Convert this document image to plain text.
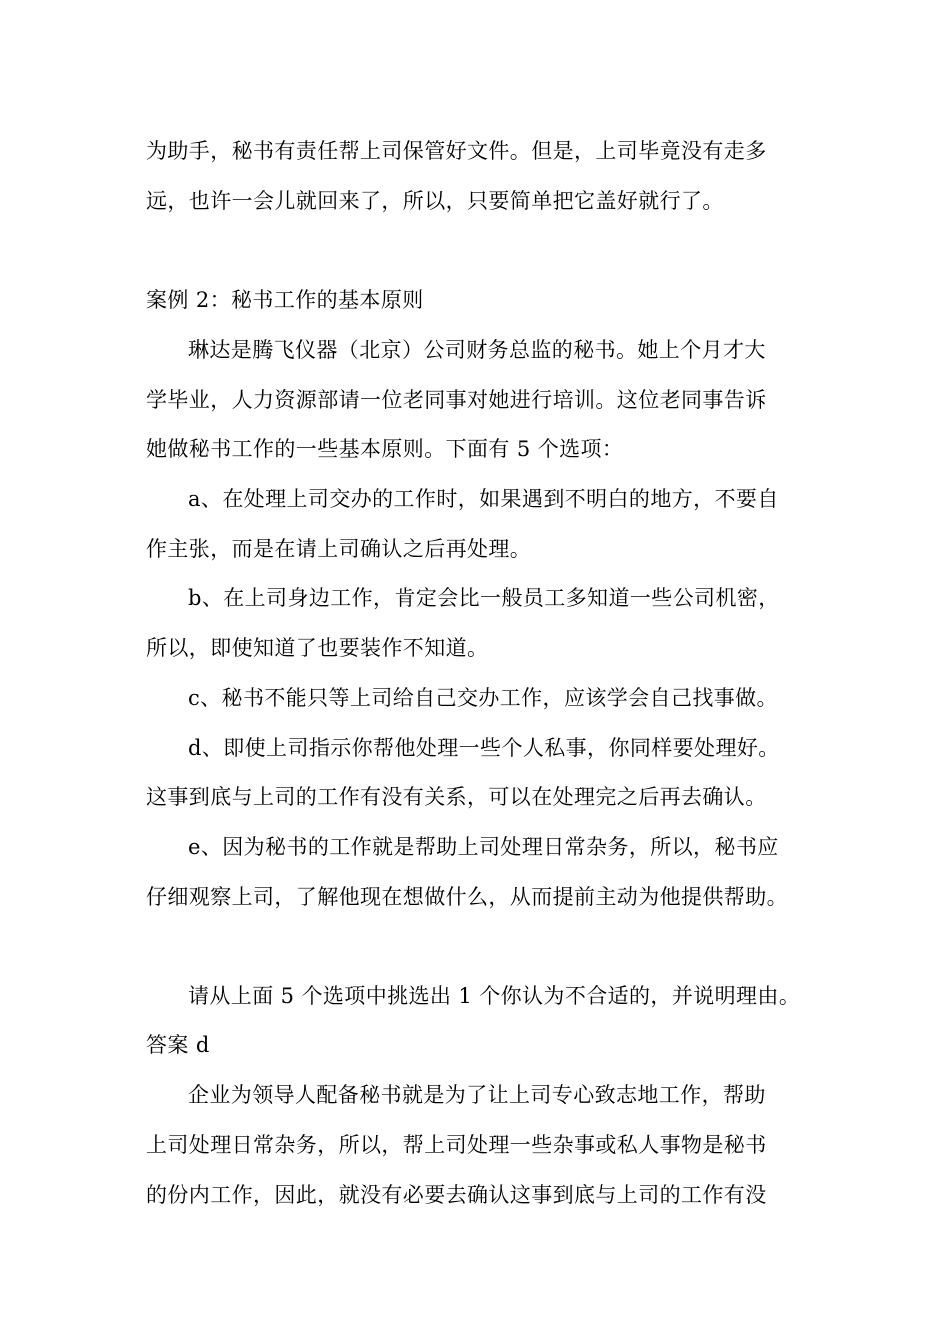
为助手，秘书有责任帮上司保管好文件。但是，上司毕竟没有走多
远，也许一会儿就回来了，所以，只要简单把它盖好就行了。
案例 2：秘书工作的基本原则
琳达是腾飞仪器（北京）公司财务总监的秘书。她上个月才大
学毕业，人力资源部请一位老同事对她进行培训。这位老同事告诉
她做秘书工作的一些基本原则。下面有 5 个选项：
a、在处理上司交办的工作时，如果遇到不明白的地方，不要自
作主张，而是在请上司确认之后再处理。
b、在上司身边工作，肯定会比一般员工多知道一些公司机密，
所以，即使知道了也要装作不知道。
c、秘书不能只等上司给自己交办工作，应该学会自己找事做。
d、即使上司指示你帮他处理一些个人私事，你同样要处理好。
这事到底与上司的工作有没有关系，可以在处理完之后再去确认。
e、因为秘书的工作就是帮助上司处理日常杂务，所以，秘书应
仔细观察上司，了解他现在想做什么，从而提前主动为他提供帮助。
请从上面 5 个选项中挑选出 1 个你认为不合适的，并说明理由。
答案 d
企业为领导人配备秘书就是为了让上司专心致志地工作，帮助
上司处理日常杂务，所以，帮上司处理一些杂事或私人事物是秘书
的份内工作，因此，就没有必要去确认这事到底与上司的工作有没
